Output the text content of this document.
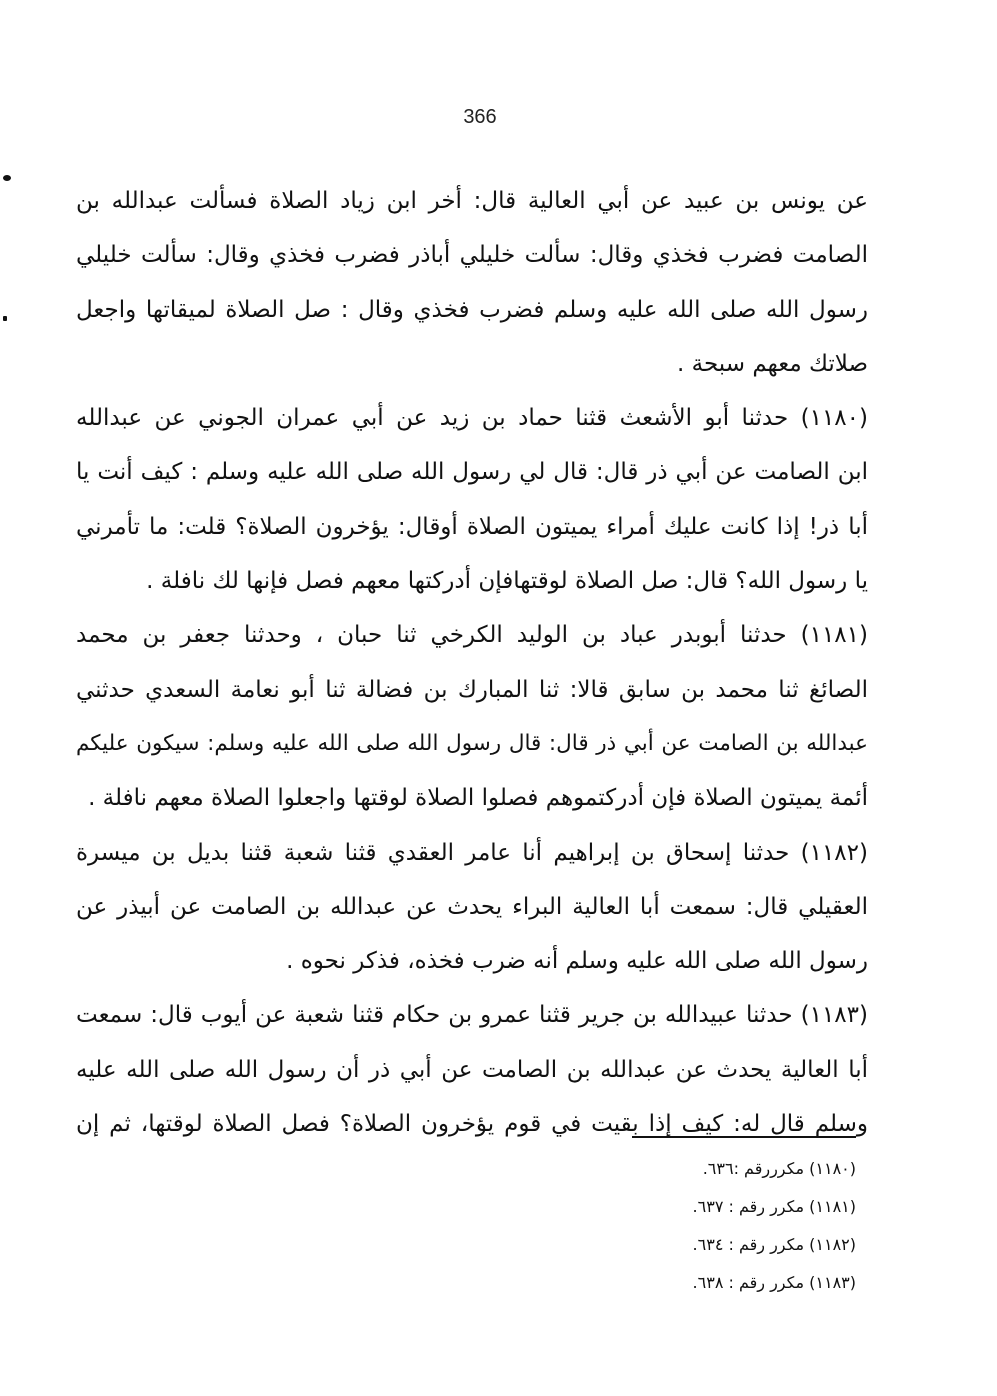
366
عن يونس بن عبيد عن أبي العالية قال: أخر ابن زياد الصلاة فسألت عبدالله بن
الصامت فضرب فخذي وقال: سألت خليلي أباذر فضرب فخذي وقال: سألت خليلي
رسول الله صلى الله عليه وسلم فضرب فخذي وقال : صل الصلاة لميقاتها واجعل
صلاتك معهم سبحة .
(١١٨٠) حدثنا أبو الأشعث قثنا حماد بن زيد عن أبي عمران الجوني عن عبدالله
ابن الصامت عن أبي ذر قال: قال لي رسول الله صلى الله عليه وسلم : كيف أنت يا
أبا ذر! إذا كانت عليك أمراء يميتون الصلاة أوقال: يؤخرون الصلاة؟ قلت: ما تأمرني
يا رسول الله؟ قال: صل الصلاة لوقتهافإن أدركتها معهم فصل فإنها لك نافلة .
(١١٨١) حدثنا أبوبدر عباد بن الوليد الكرخي ثنا حبان ، وحدثنا جعفر بن محمد
الصائغ ثنا محمد بن سابق قالا: ثنا المبارك بن فضالة ثنا أبو نعامة السعدي حدثني
عبدالله بن الصامت عن أبي ذر قال: قال رسول الله صلى الله عليه وسلم: سيكون عليكم
أئمة يميتون الصلاة فإن أدركتموهم فصلوا الصلاة لوقتها واجعلوا الصلاة معهم نافلة .
(١١٨٢) حدثنا إسحاق بن إبراهيم أنا عامر العقدي قثنا شعبة قثنا بديل بن ميسرة
العقيلي قال: سمعت أبا العالية البراء يحدث عن عبدالله بن الصامت عن أبيذر عن
رسول الله صلى الله عليه وسلم أنه ضرب فخذه، فذكر نحوه .
(١١٨٣) حدثنا عبيدالله بن جرير قثنا عمرو بن حكام قثنا شعبة عن أيوب قال: سمعت
أبا العالية يحدث عن عبدالله بن الصامت عن أبي ذر أن رسول الله صلى الله عليه
وسلم قال له: كيف إذا بقيت في قوم يؤخرون الصلاة؟ فصل الصلاة لوقتها، ثم إن
(١١٨٠) مكرررقم :٦٣٦.
(١١٨١) مكرر رقم : ٦٣٧.
(١١٨٢) مكرر رقم : ٦٣٤.
(١١٨٣) مكرر رقم : ٦٣٨.
